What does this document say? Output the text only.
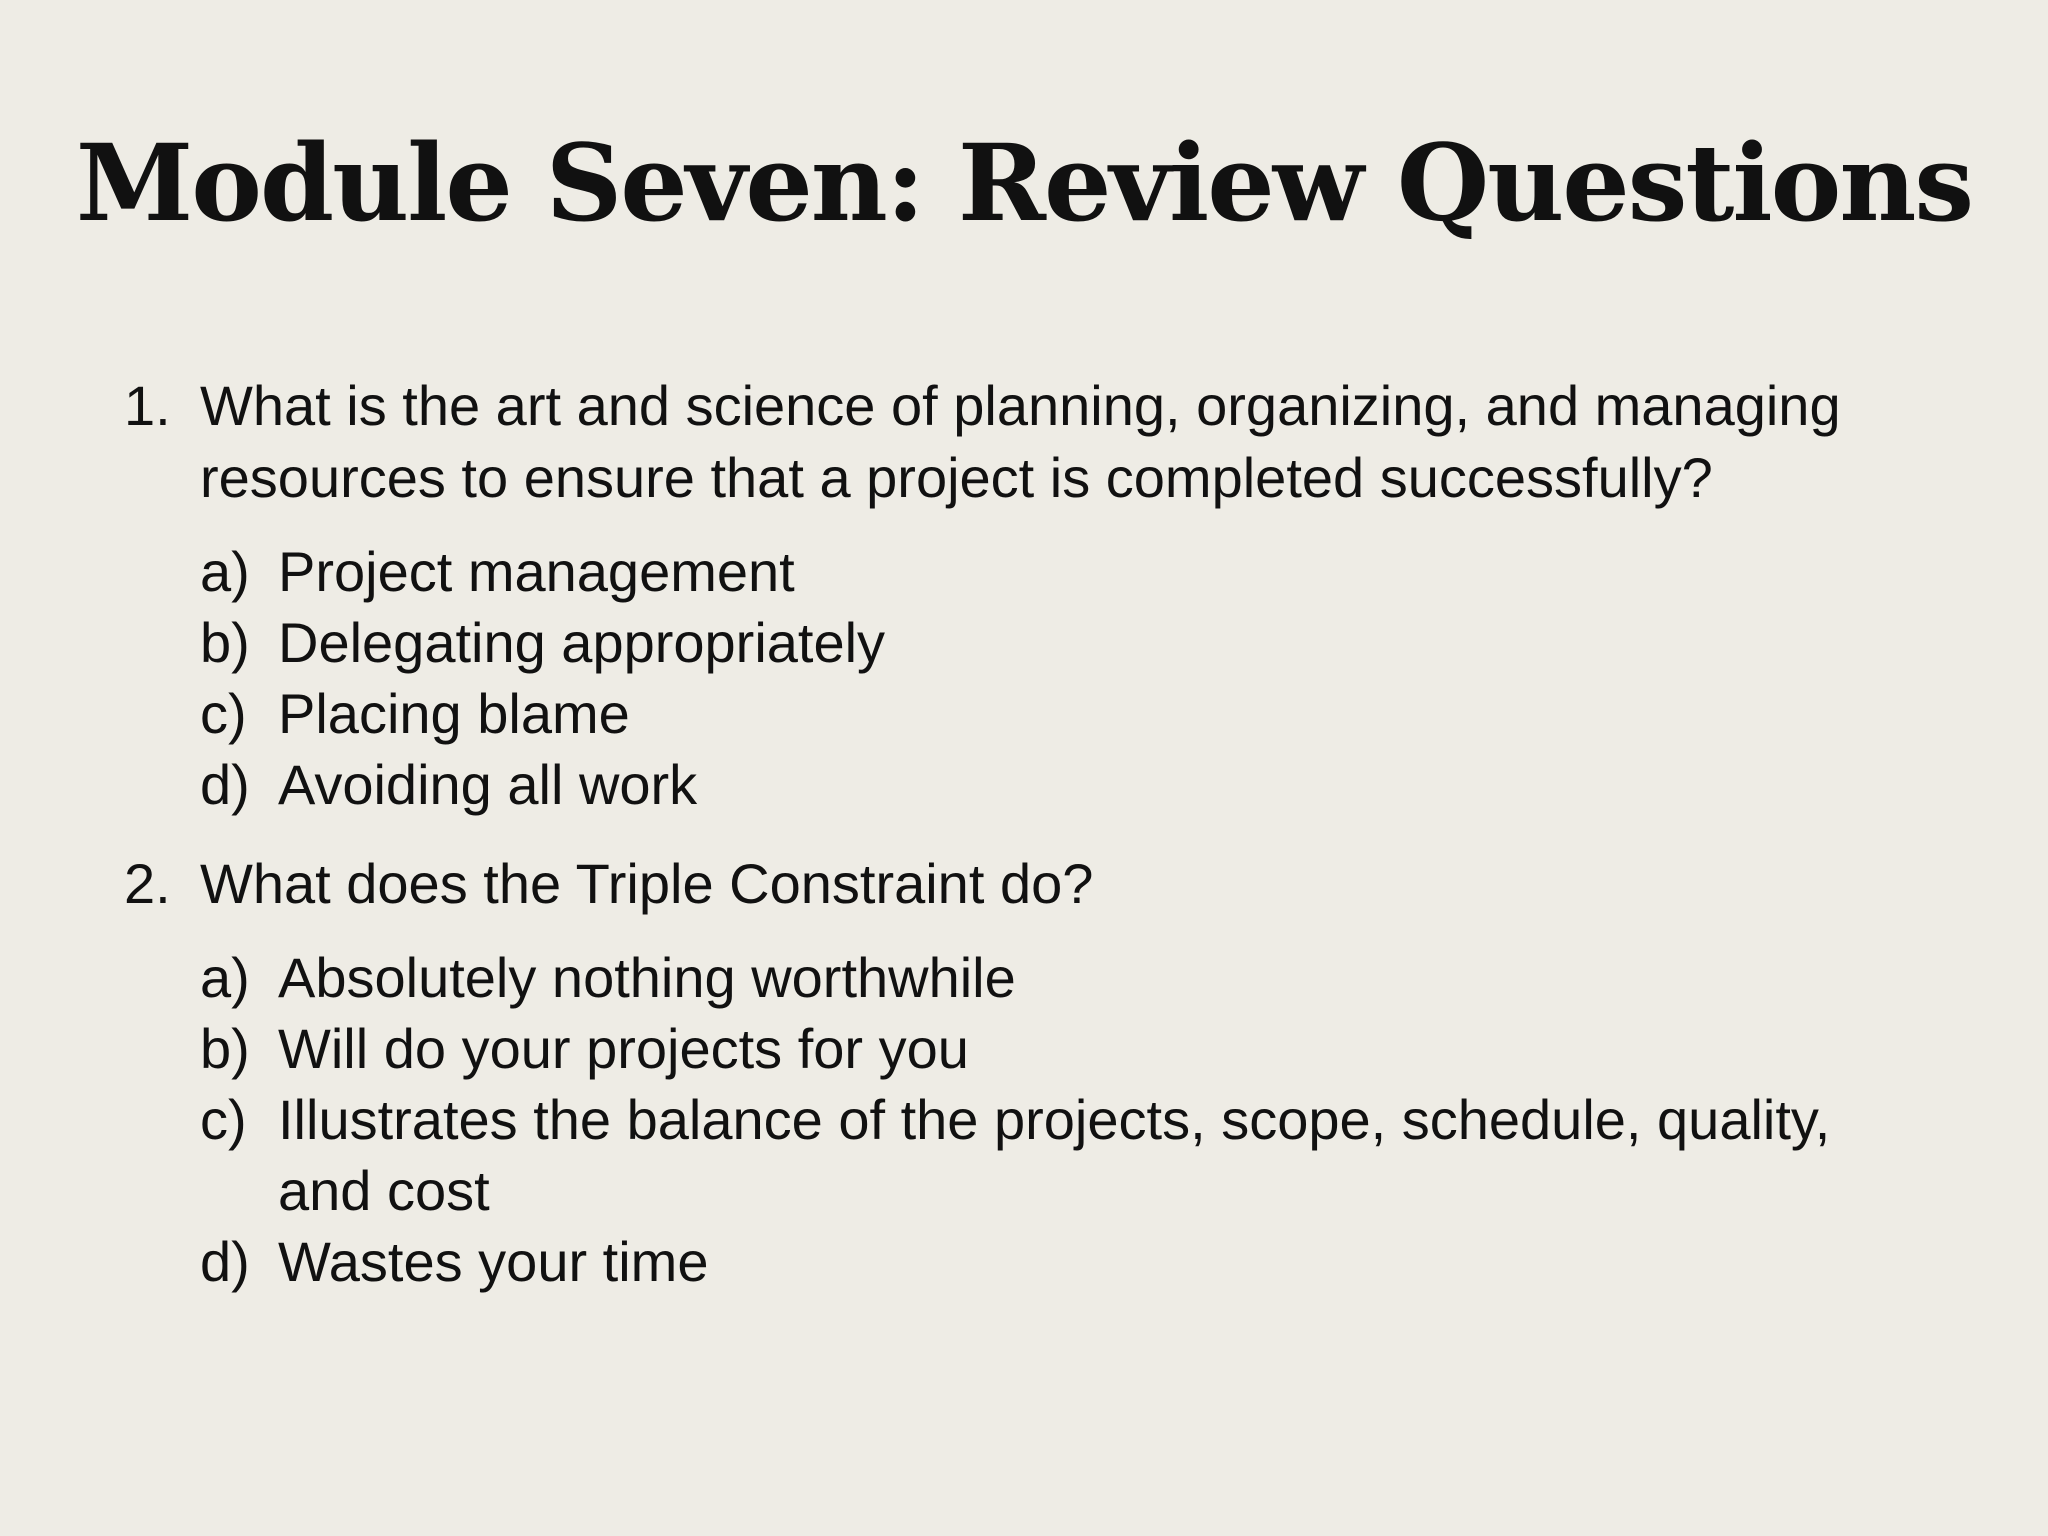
Module Seven: Review Questions
1. What is the art and science of planning, organizing, and managing resources to ensure that a project is completed successfully?
a) Project management
b) Delegating appropriately
c) Placing blame
d) Avoiding all work
2. What does the Triple Constraint do?
a) Absolutely nothing worthwhile
b) Will do your projects for you
c) Illustrates the balance of the projects, scope, schedule, quality, and cost
d) Wastes your time
